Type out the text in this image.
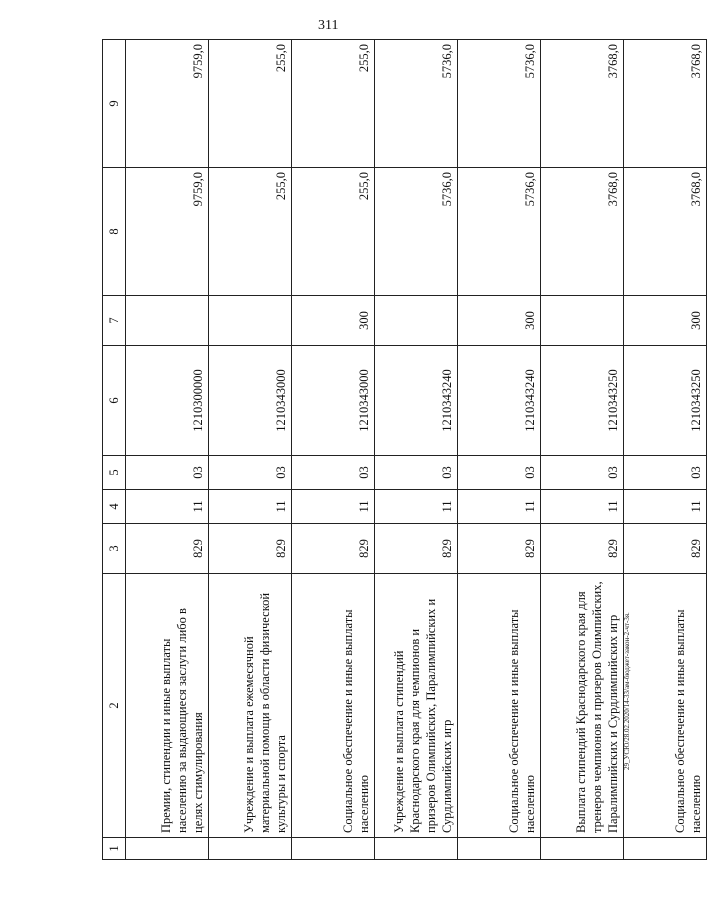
311
29_УСЮ/28.02.2020/14-33/ам-бюджет-закон-2-чт-3я.
1	2	3	4	5	6	7	8	9
	Премии, стипендии и иные выплаты населению за выдающиеся заслуги либо в целях стимулирования	829	11	03	1210300000		9759,0	9759,0
	Учреждение и выплата ежемесячной материальной помощи в области физической культуры и спорта	829	11	03	1210343000		255,0	255,0
	Социальное обеспечение и иные выплаты населению	829	11	03	1210343000	300	255,0	255,0
	Учреждение и выплата стипендий Краснодарского края для чемпионов и призеров Олимпийских, Паралимпийских и Сурдлимпийских игр	829	11	03	1210343240		5736,0	5736,0
	Социальное обеспечение и иные выплаты населению	829	11	03	1210343240	300	5736,0	5736,0
	Выплата стипендий Краснодарского края для тренеров чемпионов и призеров Олимпийских, Паралимпийских и Сурдлимпийских игр	829	11	03	1210343250		3768,0	3768,0
	Социальное обеспечение и иные выплаты населению	829	11	03	1210343250	300	3768,0	3768,0
